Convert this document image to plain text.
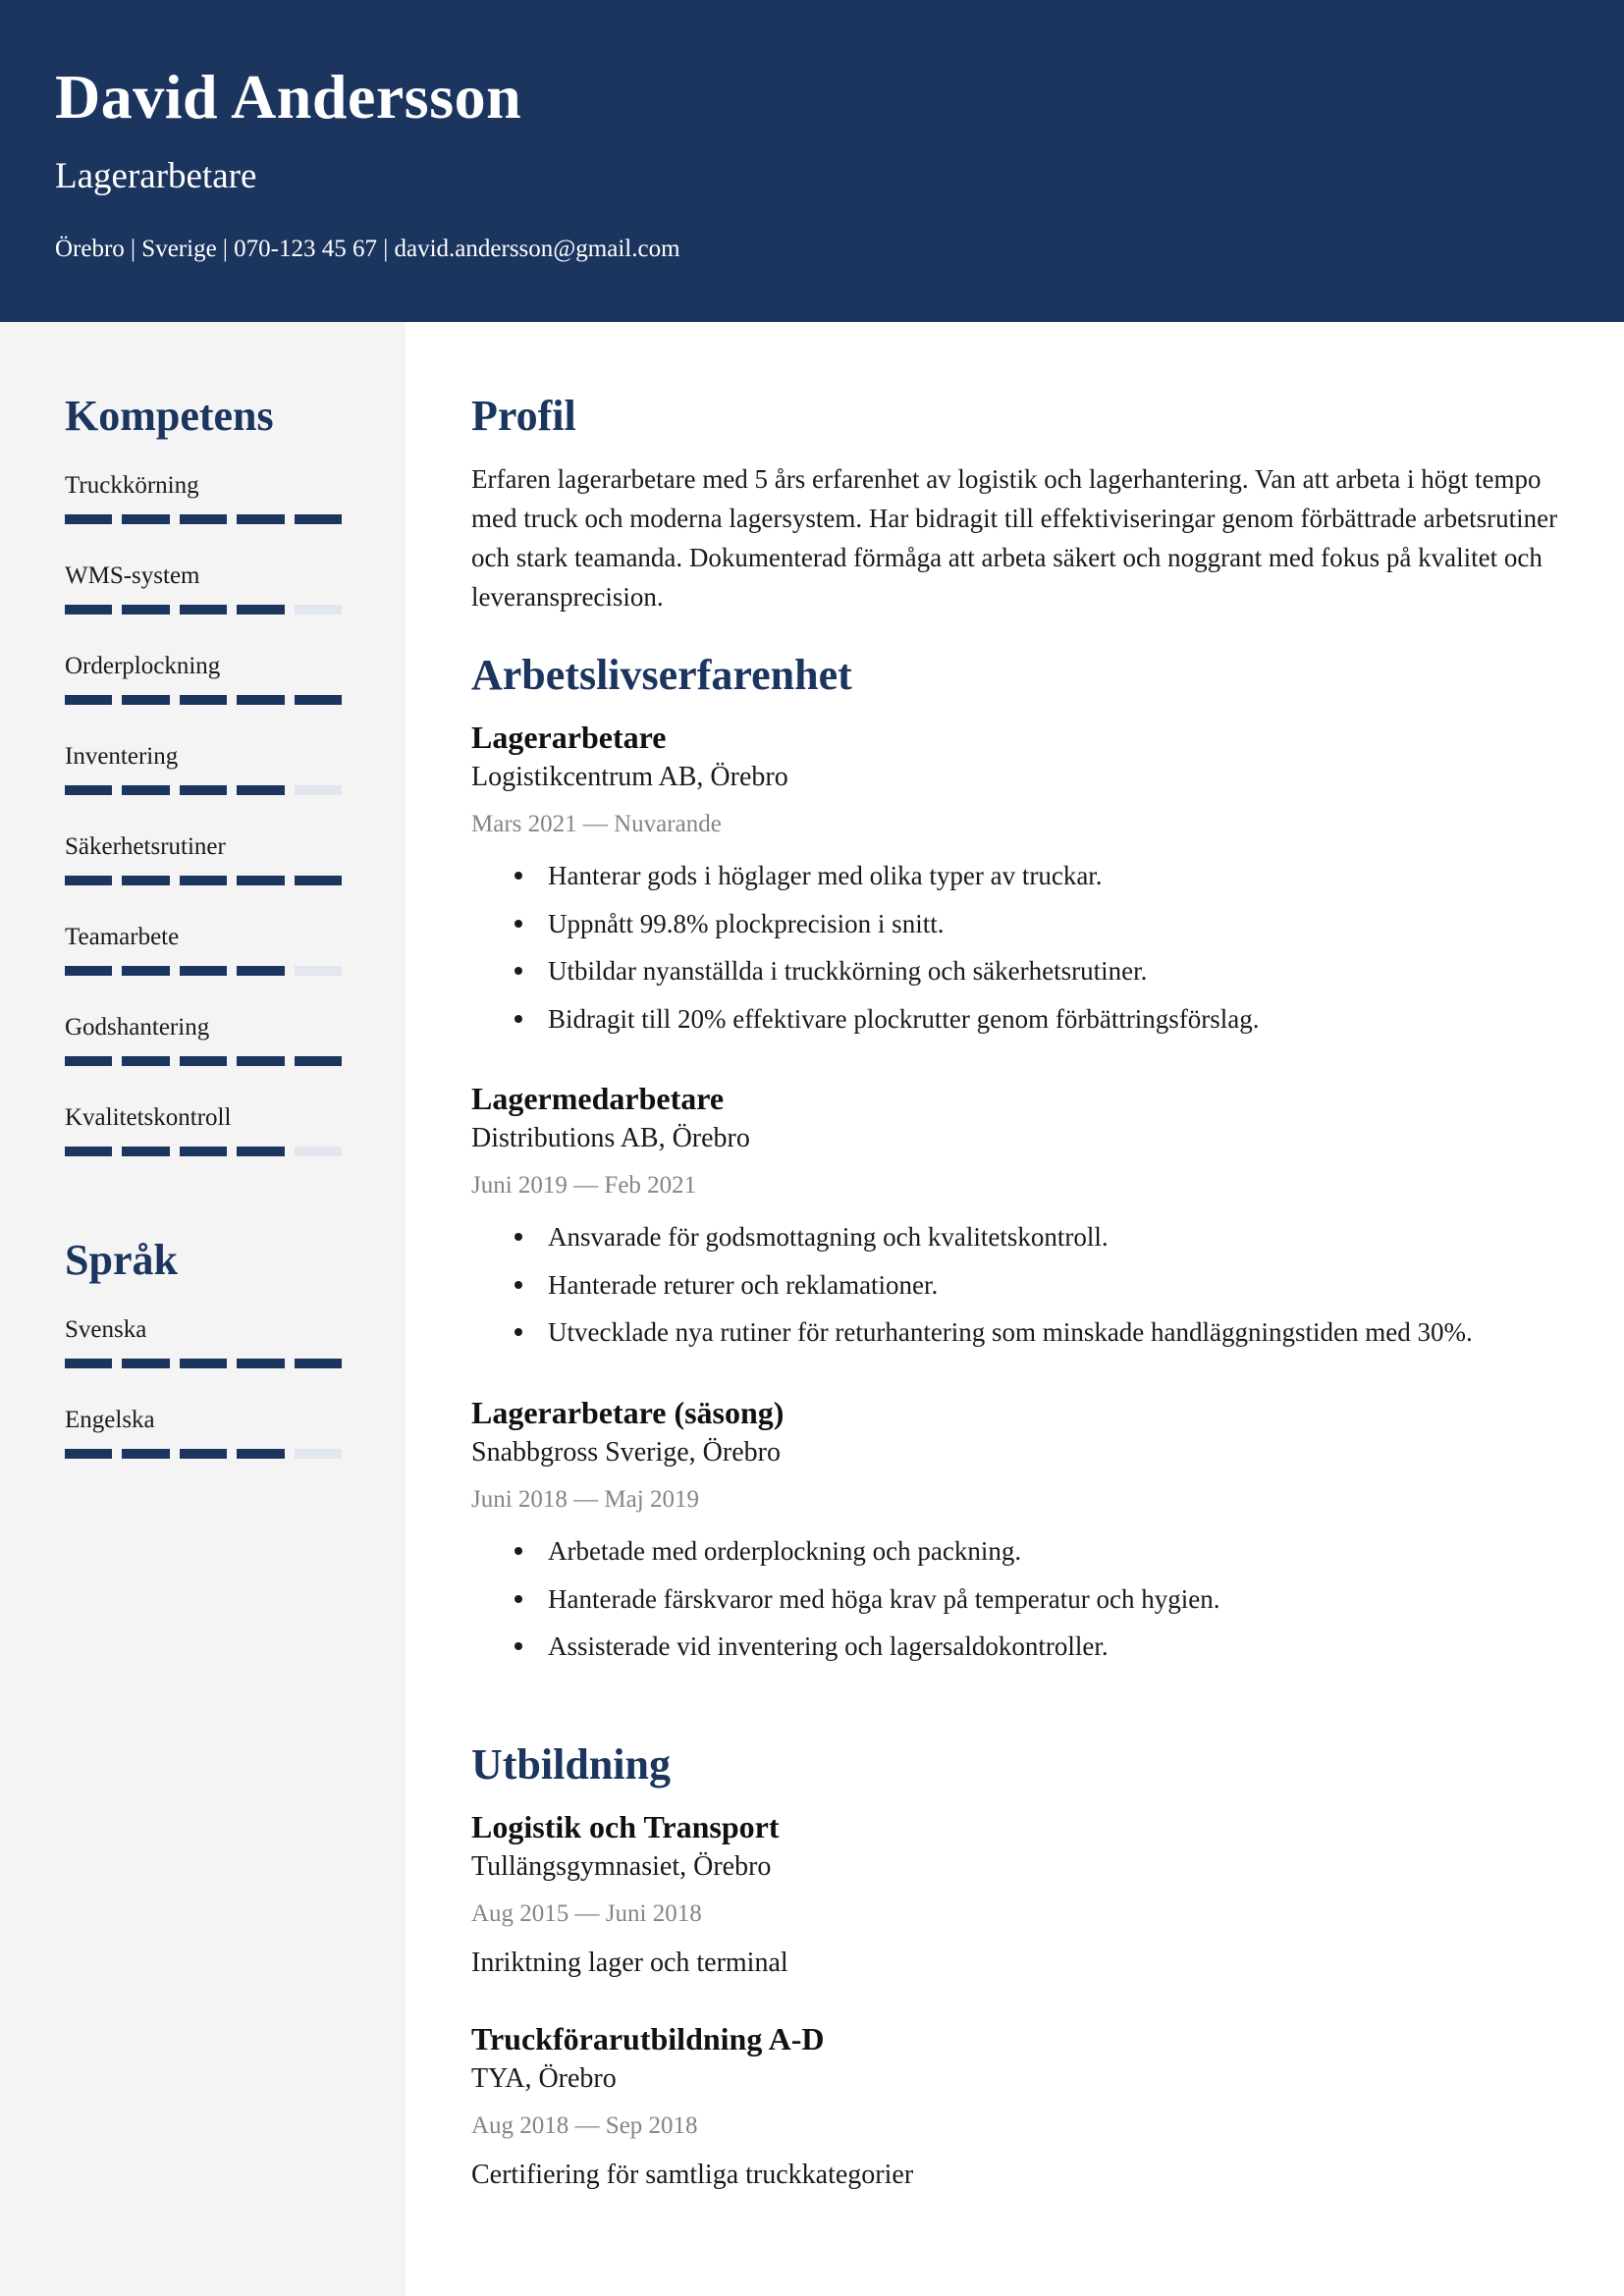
David Andersson
Lagerarbetare
Örebro | Sverige | 070-123 45 67 | david.andersson@gmail.com
Kompetens
Truckkörning
WMS-system
Orderplockning
Inventering
Säkerhetsrutiner
Teamarbete
Godshantering
Kvalitetskontroll
Språk
Svenska
Engelska
Profil
Erfaren lagerarbetare med 5 års erfarenhet av logistik och lagerhantering. Van att arbeta i högt tempo med truck och moderna lagersystem. Har bidragit till effektiviseringar genom förbättrade arbetsrutiner och stark teamanda. Dokumenterad förmåga att arbeta säkert och noggrant med fokus på kvalitet och leveransprecision.
Arbetslivserfarenhet
Lagerarbetare
Logistikcentrum AB, Örebro
Mars 2021 — Nuvarande
Hanterar gods i höglager med olika typer av truckar.
Uppnått 99.8% plockprecision i snitt.
Utbildar nyanställda i truckkörning och säkerhetsrutiner.
Bidragit till 20% effektivare plockrutter genom förbättringsförslag.
Lagermedarbetare
Distributions AB, Örebro
Juni 2019 — Feb 2021
Ansvarade för godsmottagning och kvalitetskontroll.
Hanterade returer och reklamationer.
Utvecklade nya rutiner för returhantering som minskade handläggningstiden med 30%.
Lagerarbetare (säsong)
Snabbgross Sverige, Örebro
Juni 2018 — Maj 2019
Arbetade med orderplockning och packning.
Hanterade färskvaror med höga krav på temperatur och hygien.
Assisterade vid inventering och lagersaldokontroller.
Utbildning
Logistik och Transport
Tullängsgymnasiet, Örebro
Aug 2015 — Juni 2018
Inriktning lager och terminal
Truckförarutbildning A-D
TYA, Örebro
Aug 2018 — Sep 2018
Certifiering för samtliga truckkategorier
